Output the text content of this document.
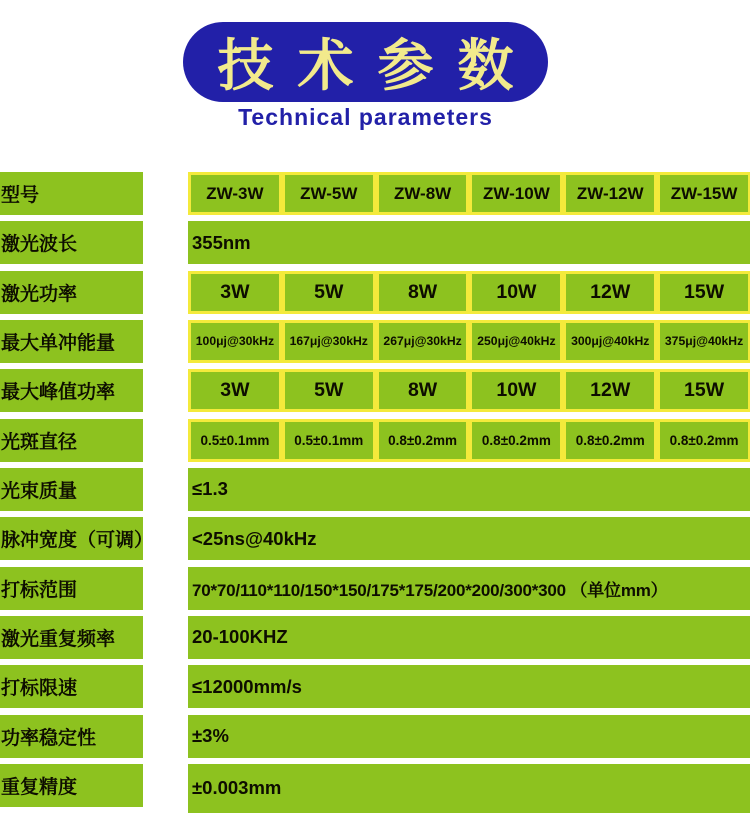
技术参数
Technical parameters
型号	ZW-3W	ZW-5W	ZW-8W	ZW-10W	ZW-12W	ZW-15W
激光波长	355nm
激光功率	3W	5W	8W	10W	12W	15W
最大单冲能量	100μj@30kHz	167μj@30kHz	267μj@30kHz	250μj@40kHz	300μj@40kHz	375μj@40kHz
最大峰值功率	3W	5W	8W	10W	12W	15W
光斑直径	0.5±0.1mm	0.5±0.1mm	0.8±0.2mm	0.8±0.2mm	0.8±0.2mm	0.8±0.2mm
光束质量	≤1.3
脉冲宽度（可调） <25ns@40kHz
打标范围	70*70/110*110/150*150/175*175/200*200/300*300 （单位mm）
激光重复频率	20-100KHZ
打标限速	≤12000mm/s
功率稳定性	±3%
重复精度	±0.003mm
